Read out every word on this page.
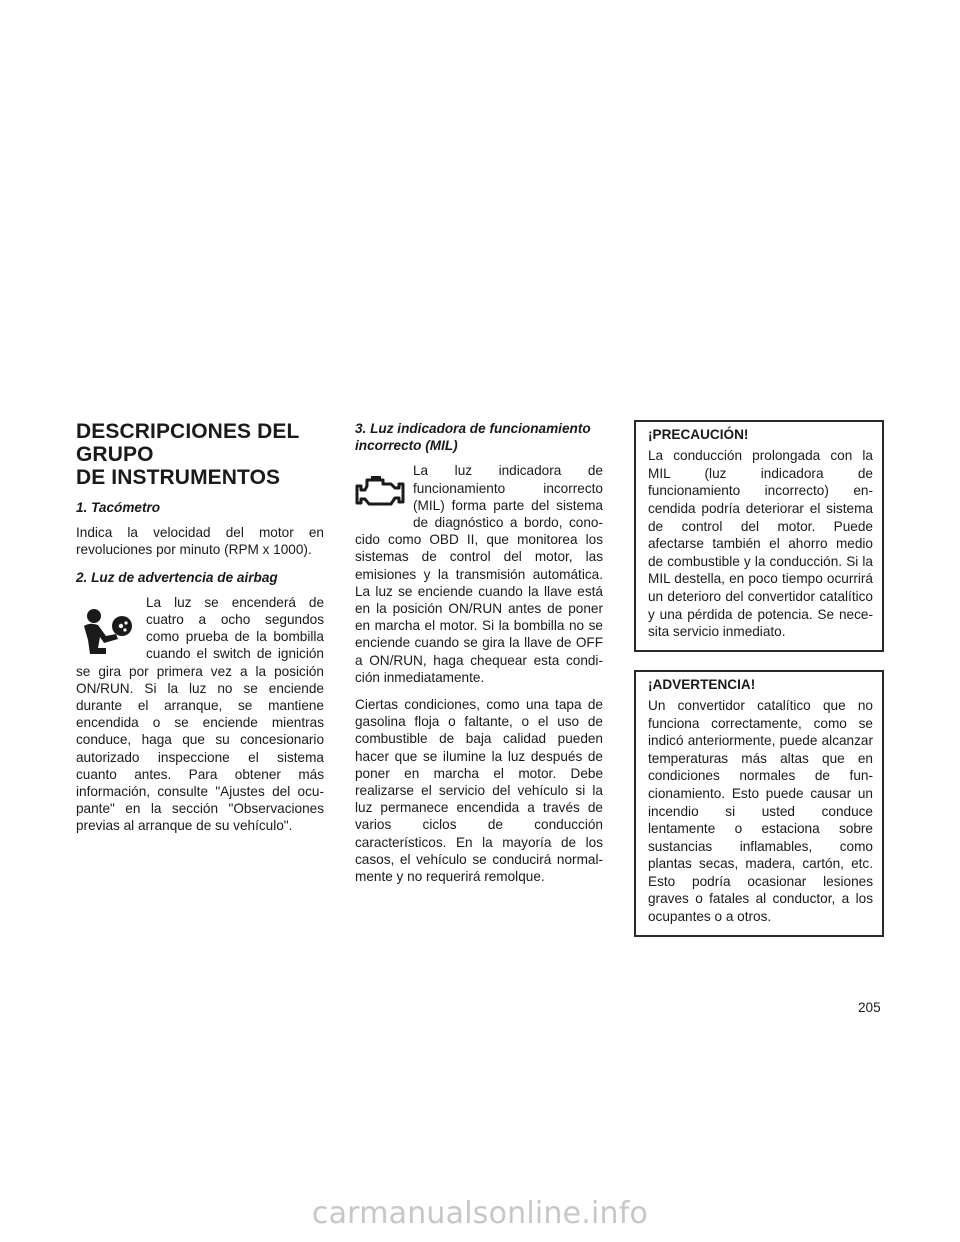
DESCRIPCIONES DEL GRUPO
DE INSTRUMENTOS
1. Tacómetro

Indica la velocidad del motor en revoluciones por minuto (RPM x 1000).

2. Luz de advertencia de airbag

La luz se encenderá de cuatro a ocho segundos como prueba de la bombilla cuando el switch de ignición se gira por primera vez a la posición ON/RUN. Si la luz no se enciende durante el arranque, se mantiene encendida o se enciende mientras conduce, haga que su concesionario autorizado inspeccione el sistema cuanto antes. Para obtener más información, consulte "Ajustes del ocupante" en la sección "Observaciones previas al arranque de su vehículo".

3. Luz indicadora de funcionamiento incorrecto (MIL)

La luz indicadora de funcionamiento incorrecto (MIL) forma parte del sistema de diagnóstico a bordo, conocido como OBD II, que monitorea los sistemas de control del motor, las emisiones y la transmisión automática. La luz se enciende cuando la llave está en la posición ON/RUN antes de poner en marcha el motor. Si la bombilla no se enciende cuando se gira la llave de OFF a ON/RUN, haga chequear esta condición inmediatamente.

Ciertas condiciones, como una tapa de gasolina floja o faltante, o el uso de combustible de baja calidad pueden hacer que se ilumine la luz después de poner en marcha el motor. Debe realizarse el servicio del vehículo si la luz permanece encendida a través de varios ciclos de conducción característicos. En la mayoría de los casos, el vehículo se conducirá normalmente y no requerirá remolque.

¡PRECAUCIÓN!

La conducción prolongada con la MIL (luz indicadora de funcionamiento incorrecto) encendida podría deteriorar el sistema de control del motor. Puede afectarse también el ahorro medio de combustible y la conducción. Si la MIL destella, en poco tiempo ocurrirá un deterioro del convertidor catalítico y una pérdida de potencia. Se necesita servicio inmediato.

¡ADVERTENCIA!

Un convertidor catalítico que no funciona correctamente, como se indicó anteriormente, puede alcanzar temperaturas más altas que en condiciones normales de funcionamiento. Esto puede causar un incendio si usted conduce lentamente o estaciona sobre sustancias inflamables, como plantas secas, madera, cartón, etc. Esto podría ocasionar lesiones graves o fatales al conductor, a los ocupantes o a otros.

205
carmanualsonline.info
